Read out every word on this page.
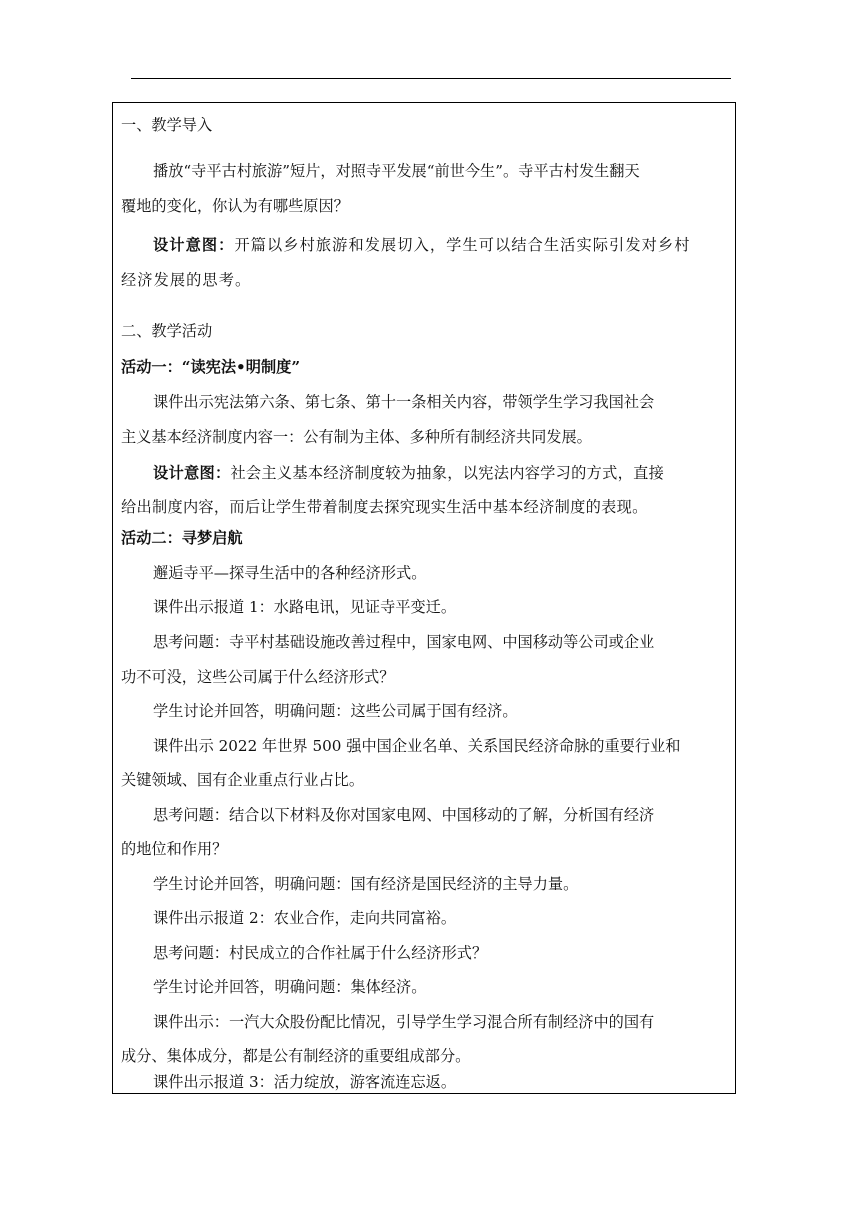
一、教学导入
播放“寺平古村旅游”短片，对照寺平发展“前世今生”。寺平古村发生翻天
覆地的变化，你认为有哪些原因？
设计意图：开篇以乡村旅游和发展切入，学生可以结合生活实际引发对乡村
经济发展的思考。
二、教学活动
活动一：“读宪法•明制度”
课件出示宪法第六条、第七条、第十一条相关内容，带领学生学习我国社会
主义基本经济制度内容一：公有制为主体、多种所有制经济共同发展。
设计意图：社会主义基本经济制度较为抽象，以宪法内容学习的方式，直接
给出制度内容，而后让学生带着制度去探究现实生活中基本经济制度的表现。
活动二：寻梦启航
邂逅寺平—探寻生活中的各种经济形式。
课件出示报道 1：水路电讯，见证寺平变迁。
思考问题：寺平村基础设施改善过程中，国家电网、中国移动等公司或企业
功不可没，这些公司属于什么经济形式？
学生讨论并回答，明确问题：这些公司属于国有经济。
课件出示 2022 年世界 500 强中国企业名单、关系国民经济命脉的重要行业和
关键领域、国有企业重点行业占比。
思考问题：结合以下材料及你对国家电网、中国移动的了解，分析国有经济
的地位和作用？
学生讨论并回答，明确问题：国有经济是国民经济的主导力量。
课件出示报道 2：农业合作，走向共同富裕。
思考问题：村民成立的合作社属于什么经济形式？
学生讨论并回答，明确问题：集体经济。
课件出示：一汽大众股份配比情况，引导学生学习混合所有制经济中的国有
成分、集体成分，都是公有制经济的重要组成部分。
课件出示报道 3：活力绽放，游客流连忘返。
